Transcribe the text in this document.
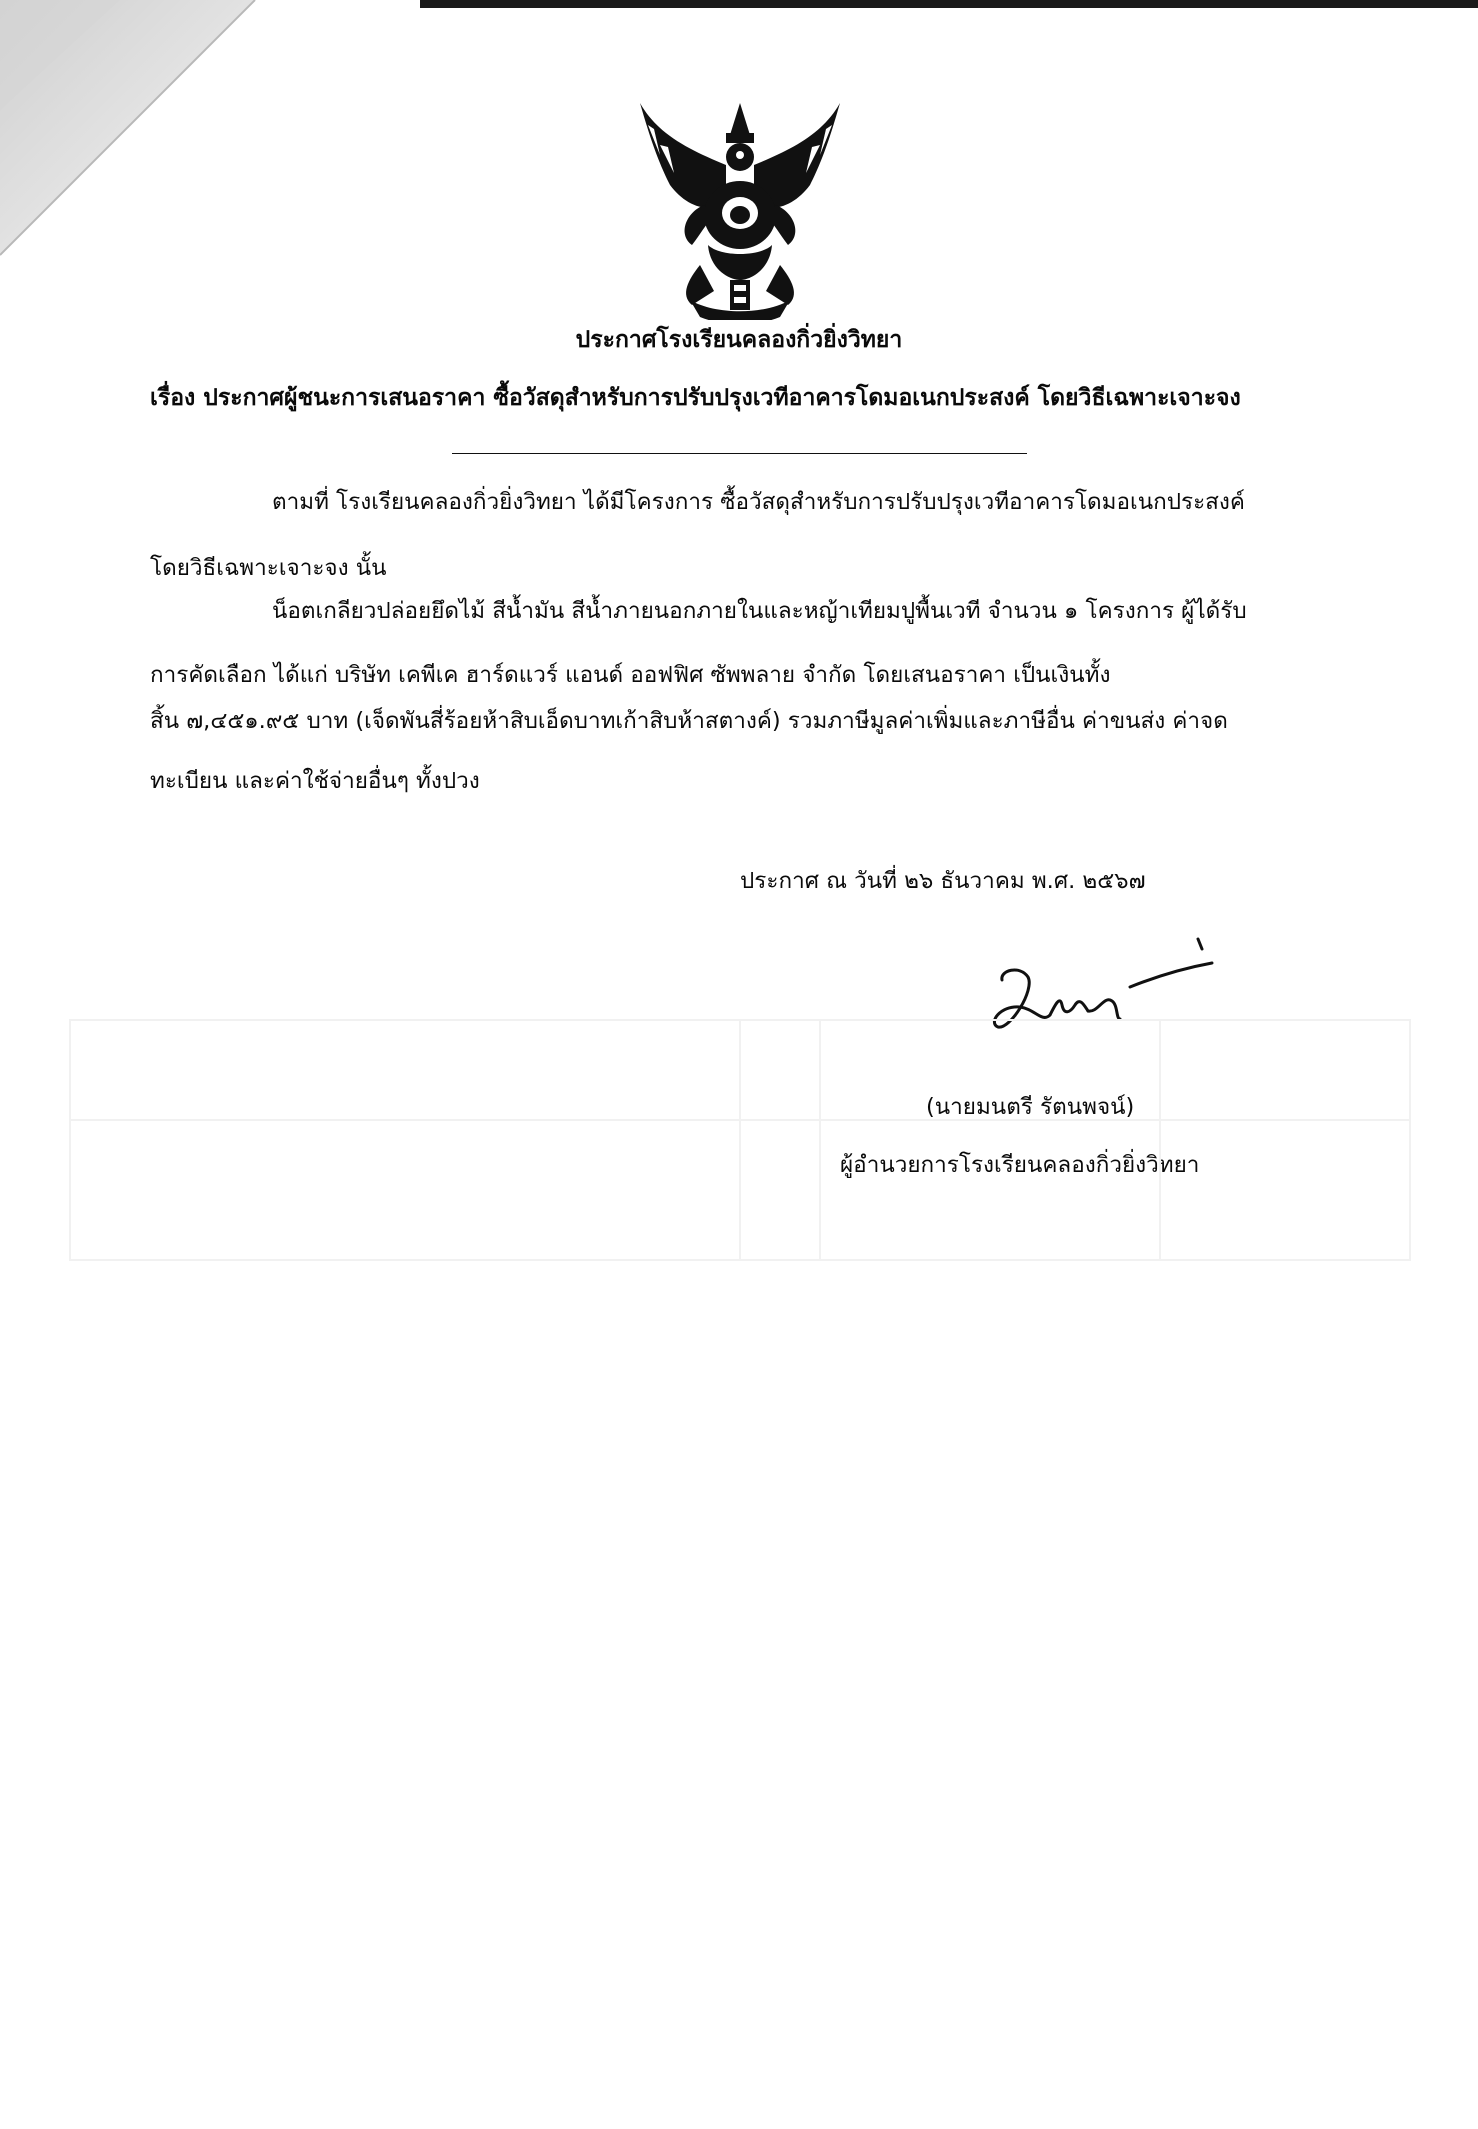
ประกาศโรงเรียนคลองกิ่วยิ่งวิทยา
เรื่อง ประกาศผู้ชนะการเสนอราคา ซื้อวัสดุสำหรับการปรับปรุงเวทีอาคารโดมอเนกประสงค์ โดยวิธีเฉพาะเจาะจง
ตามที่ โรงเรียนคลองกิ่วยิ่งวิทยา ได้มีโครงการ ซื้อวัสดุสำหรับการปรับปรุงเวทีอาคารโดมอเนกประสงค์
โดยวิธีเฉพาะเจาะจง นั้น
น็อตเกลียวปล่อยยึดไม้ สีน้ำมัน สีน้ำภายนอกภายในและหญ้าเทียมปูพื้นเวที จำนวน ๑ โครงการ ผู้ได้รับ
การคัดเลือก ได้แก่ บริษัท เคพีเค ฮาร์ดแวร์ แอนด์ ออฟฟิศ ซัพพลาย จำกัด โดยเสนอราคา เป็นเงินทั้ง
สิ้น ๗,๔๕๑.๙๕ บาท (เจ็ดพันสี่ร้อยห้าสิบเอ็ดบาทเก้าสิบห้าสตางค์) รวมภาษีมูลค่าเพิ่มและภาษีอื่น ค่าขนส่ง ค่าจด
ทะเบียน และค่าใช้จ่ายอื่นๆ ทั้งปวง
ประกาศ ณ วันที่ ๒๖ ธันวาคม พ.ศ. ๒๕๖๗
(นายมนตรี รัตนพจน์)
ผู้อำนวยการโรงเรียนคลองกิ่วยิ่งวิทยา
